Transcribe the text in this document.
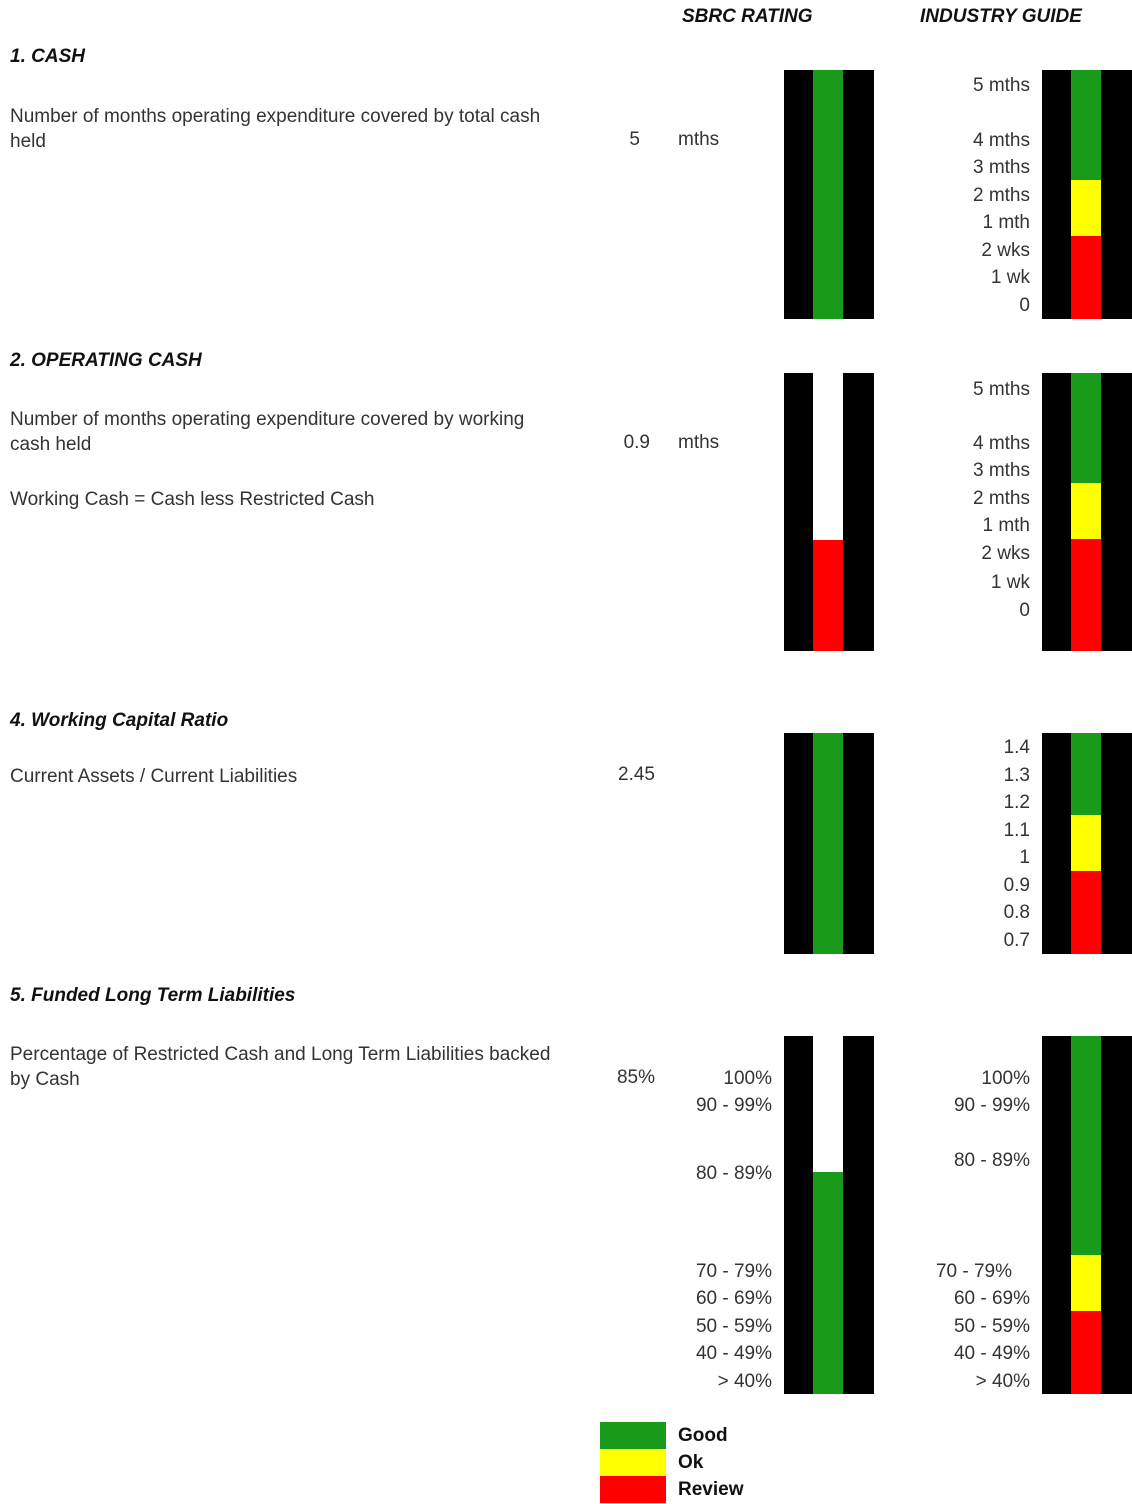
SBRC RATING	INDUSTRY GUIDE
1. CASH
Number of months operating expenditure covered by total cash held	5 mths
5 mths
4 mths
3 mths
2 mths
1 mth
2 wks
1 wk
0
2. OPERATING CASH
Number of months operating expenditure covered by working cash held
Working Cash = Cash less Restricted Cash
0.9 mths
5 mths
4 mths
3 mths
2 mths
1 mth
2 wks
1 wk
0
4. Working Capital Ratio
Current Assets / Current Liabilities	2.45
1.4
1.3
1.2
1.1
1
0.9
0.8
0.7
5. Funded Long Term Liabilities
Percentage of Restricted Cash and Long Term Liabilities backed by Cash	85%	100%
90 - 99%
80 - 89%
70 - 79%
60 - 69%
50 - 59%
40 - 49%
> 40%
100%
90 - 99%
80 - 89%
70 - 79%
60 - 69%
50 - 59%
40 - 49%
> 40%
Good
Ok
Review
